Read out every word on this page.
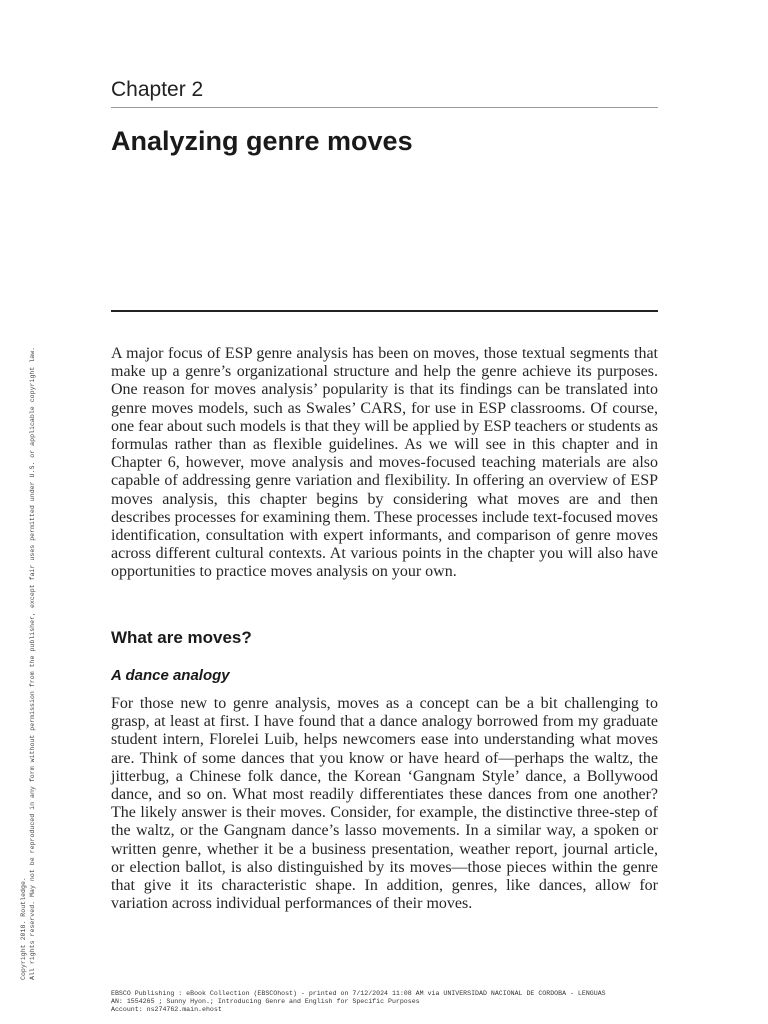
Chapter 2
Analyzing genre moves

A major focus of ESP genre analysis has been on moves, those textual segments that make up a genre’s organizational structure and help the genre achieve its purposes. One reason for moves analysis’ popularity is that its findings can be translated into genre moves models, such as Swales’ CARS, for use in ESP classrooms. Of course, one fear about such models is that they will be applied by ESP teachers or students as formulas rather than as flexible guidelines. As we will see in this chapter and in Chapter 6, however, move analysis and moves-focused teaching materials are also capable of addressing genre variation and flexibility. In offering an overview of ESP moves analysis, this chapter begins by considering what moves are and then describes processes for examining them. These processes include text-focused moves identification, consultation with expert informants, and comparison of genre moves across different cultural contexts. At various points in the chapter you will also have opportunities to practice moves analysis on your own.

What are moves?
A dance analogy

For those new to genre analysis, moves as a concept can be a bit challenging to grasp, at least at first. I have found that a dance analogy borrowed from my graduate student intern, Florelei Luib, helps newcomers ease into understanding what moves are. Think of some dances that you know or have heard of—perhaps the waltz, the jitterbug, a Chinese folk dance, the Korean ‘Gangnam Style’ dance, a Bollywood dance, and so on. What most readily differentiates these dances from one another? The likely answer is their moves. Consider, for example, the distinctive three-step of the waltz, or the Gangnam dance’s lasso movements. In a similar way, a spoken or written genre, whether it be a business presentation, weather report, journal article, or election ballot, is also distinguished by its moves—those pieces within the genre that give it its characteristic shape. In addition, genres, like dances, allow for variation across individual performances of their moves.

Copyright 2018. Routledge. All rights reserved. May not be reproduced in any form without permission from the publisher, except fair uses permitted under U.S. or applicable copyright law.
EBSCO Publishing : eBook Collection (EBSCOhost) - printed on 7/12/2024 11:08 AM via UNIVERSIDAD NACIONAL DE CORDOBA - LENGUAS
AN: 1554265 ; Sunny Hyon.; Introducing Genre and English for Specific Purposes
Account: ns274762.main.ehost
